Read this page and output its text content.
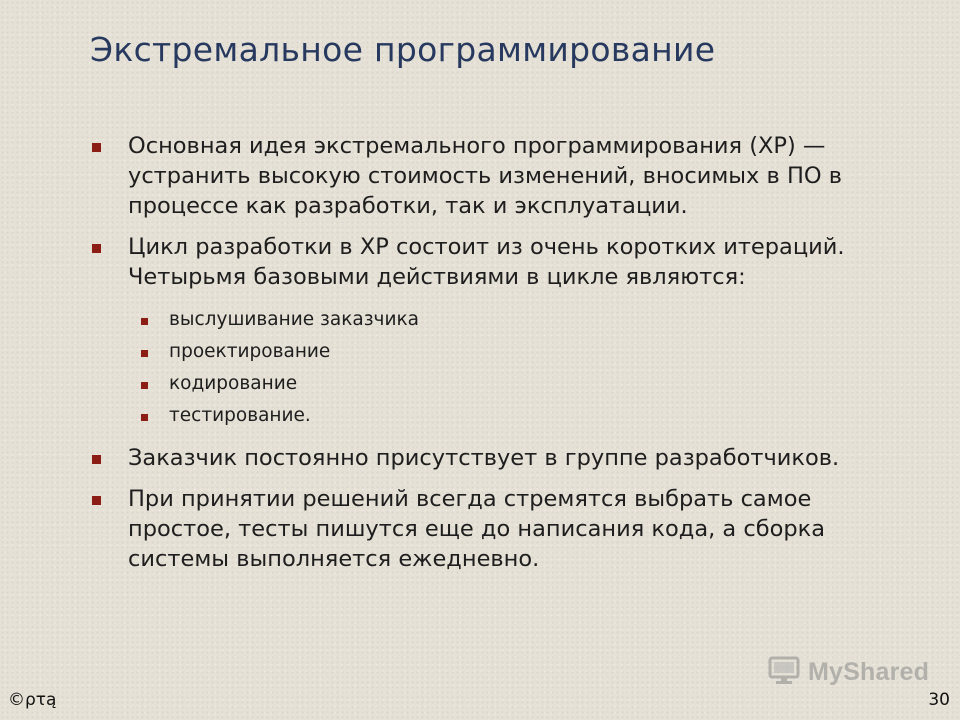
Экстремальное программирование
Основная идея экстремального программирования (XP) — устранить высокую стоимость изменений, вносимых в ПО в процессе как разработки, так и эксплуатации.
Цикл разработки в XP состоит из очень коротких итераций. Четырьмя базовыми действиями в цикле являются:
выслушивание заказчика
проектирование
кодирование
тестирование.
Заказчик постоянно присутствует в группе разработчиков.
При принятии решений всегда стремятся выбрать самое простое, тесты пишутся еще до написания кода, а сборка системы выполняется ежедневно.
MyShared
©ρτą	30
